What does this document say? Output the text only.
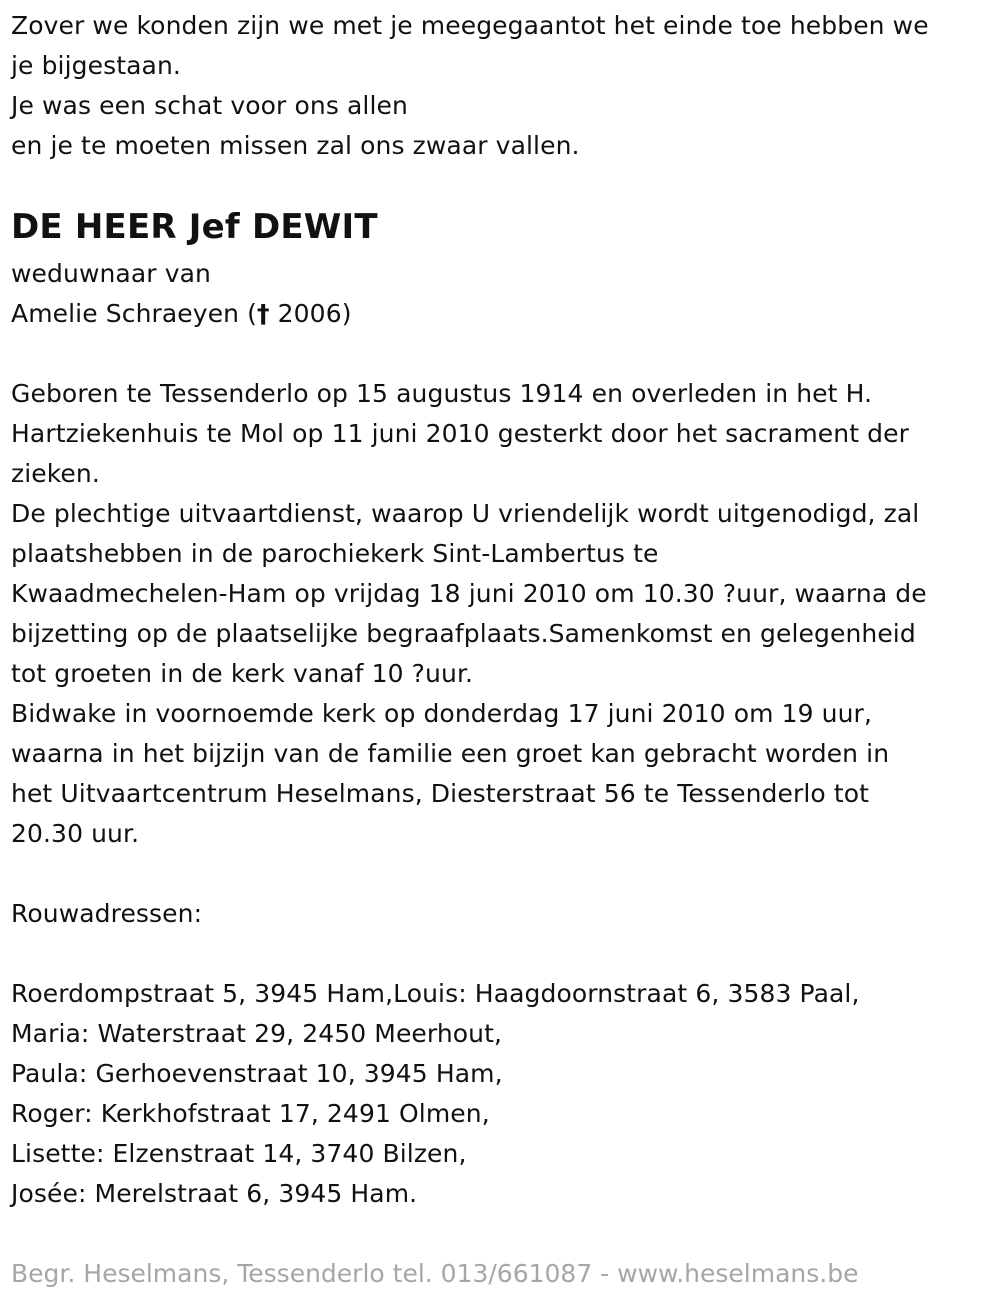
Zover we konden zijn we met je meegegaantot het einde toe hebben we
je bijgestaan.
Je was een schat voor ons allen
en je te moeten missen zal ons zwaar vallen.
DE HEER Jef DEWIT
weduwnaar van
Amelie Schraeyen († 2006)
Geboren te Tessenderlo op 15 augustus 1914 en overleden in het H.
Hartziekenhuis te Mol op 11 juni 2010 gesterkt door het sacrament der
zieken.
De plechtige uitvaartdienst, waarop U vriendelijk wordt uitgenodigd, zal
plaatshebben in de parochiekerk Sint-Lambertus te
Kwaadmechelen-Ham op vrijdag 18 juni 2010 om 10.30 ?uur, waarna de
bijzetting op de plaatselijke begraafplaats.Samenkomst en gelegenheid
tot groeten in de kerk vanaf 10 ?uur.
Bidwake in voornoemde kerk op donderdag 17 juni 2010 om 19 uur,
waarna in het bijzijn van de familie een groet kan gebracht worden in
het Uitvaartcentrum Heselmans, Diesterstraat 56 te Tessenderlo tot
20.30 uur.
Rouwadressen:
Roerdompstraat 5, 3945 Ham,Louis: Haagdoornstraat 6, 3583 Paal,
Maria: Waterstraat 29, 2450 Meerhout,
Paula: Gerhoevenstraat 10, 3945 Ham,
Roger: Kerkhofstraat 17, 2491 Olmen,
Lisette: Elzenstraat 14, 3740 Bilzen,
Josée: Merelstraat 6, 3945 Ham.
Begr. Heselmans, Tessenderlo tel. 013/661087 - www.heselmans.be
